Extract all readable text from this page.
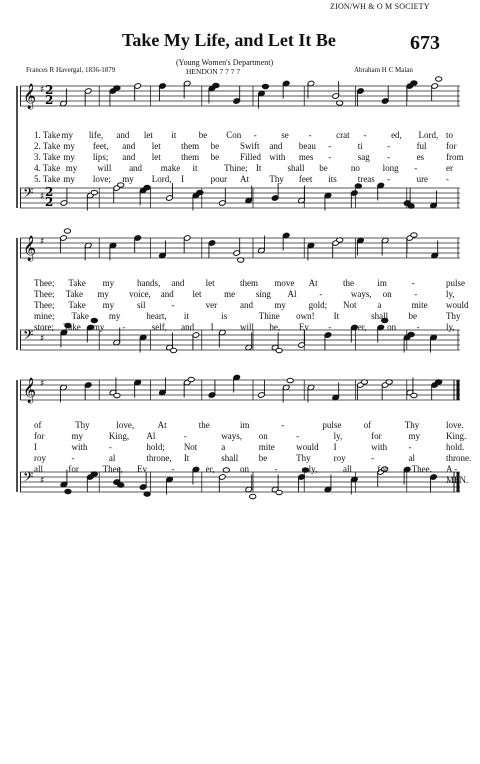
ZION/WH & O M SOCIETY
Take My Life, and Let It Be	673
(Young Women's Department)
HENDON 7 7 7 7
Frances R Havergal, 1836-1879	Abraham H C Malan
𝄞 ♯
𝄢 ♯
2
2
2
2
1. Take my life, and let it be Con -	se -	crat -	ed, Lord, to
2. Take my feet, and let them be Swift and beau -	ti	-	ful for
3. Take my lips; and let them be Filled with mes -	sag -	es from
4. Take my will and make it	Thine; It	shall be	no	long -	er
5. Take my love; my Lord, I	pour At Thy feet its treas -	ure -
𝄞 ♯
𝄢 ♯
Thee; Take my	hands, and let	them move At	the	im	-	pulse
Thee; Take my voice, and let	me sing Al	-	ways, on	-	ly,
Thee; Take my	sil	-	ver	and my	gold; Not a	mite would
mine; Take my	heart, it	is	Thine own! It	shall be	Thy
store; Take my -	self, and I	will be, Ev -	er, on -	ly,
𝄞 ♯
𝄢 ♯
of	Thy	love,	At	the	im	-	pulse of	Thy	love.
for	my	King, Al	-	ways, on	-	ly,	for	my	King.
I	with -	hold; Not	a	mite would I	with -	hold.
roy	-	al	throne, It	shall be	Thy	roy	-	al	throne.
all	for	Thee, Ev	-	er,	on	-	ly,	all	for	Thee. A - MEN.
